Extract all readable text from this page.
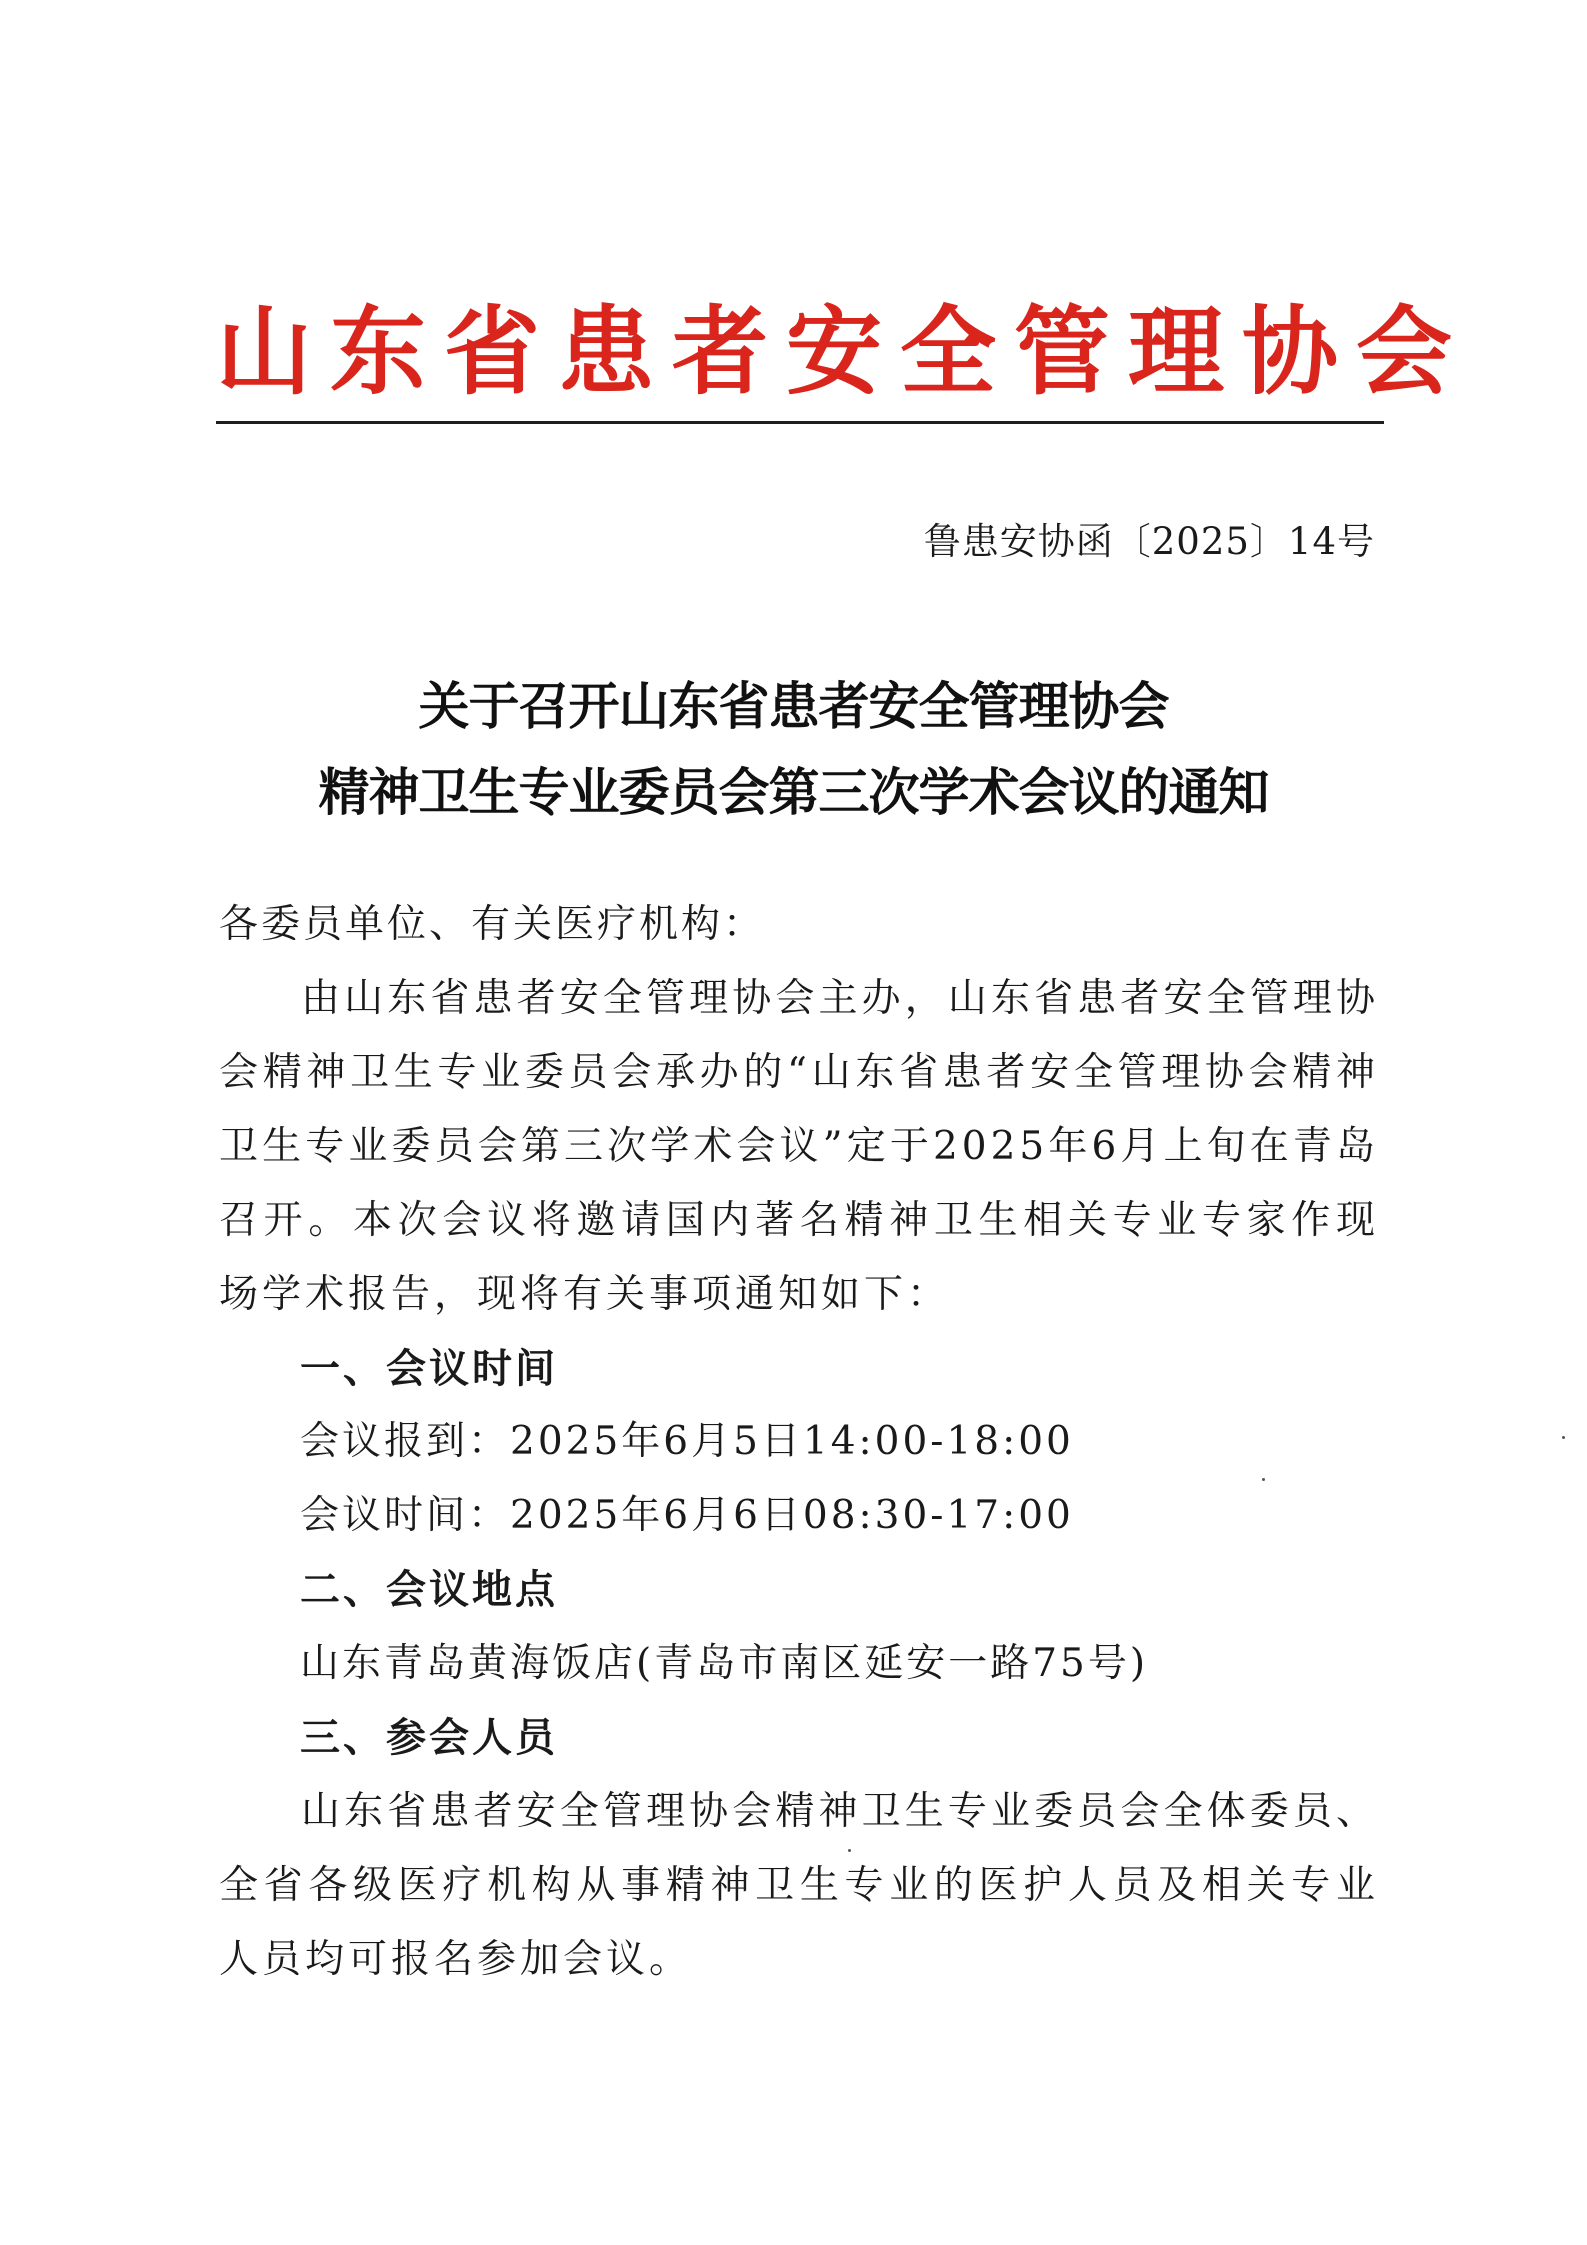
山东省患者安全管理协会
鲁患安协函〔2025〕14号
关于召开山东省患者安全管理协会
精神卫生专业委员会第三次学术会议的通知
各委员单位、有关医疗机构：
由山东省患者安全管理协会主办，山东省患者安全管理协会精神卫生专业委员会承办的“山东省患者安全管理协会精神卫生专业委员会第三次学术会议”定于2025年6月上旬在青岛召开。本次会议将邀请国内著名精神卫生相关专业专家作现场学术报告，现将有关事项通知如下：
一、会议时间
会议报到：2025年6月5日14:00-18:00
会议时间：2025年6月6日08:30-17:00
二、会议地点
山东青岛黄海饭店(青岛市南区延安一路75号)
三、参会人员
山东省患者安全管理协会精神卫生专业委员会全体委员、全省各级医疗机构从事精神卫生专业的医护人员及相关专业人员均可报名参加会议。
